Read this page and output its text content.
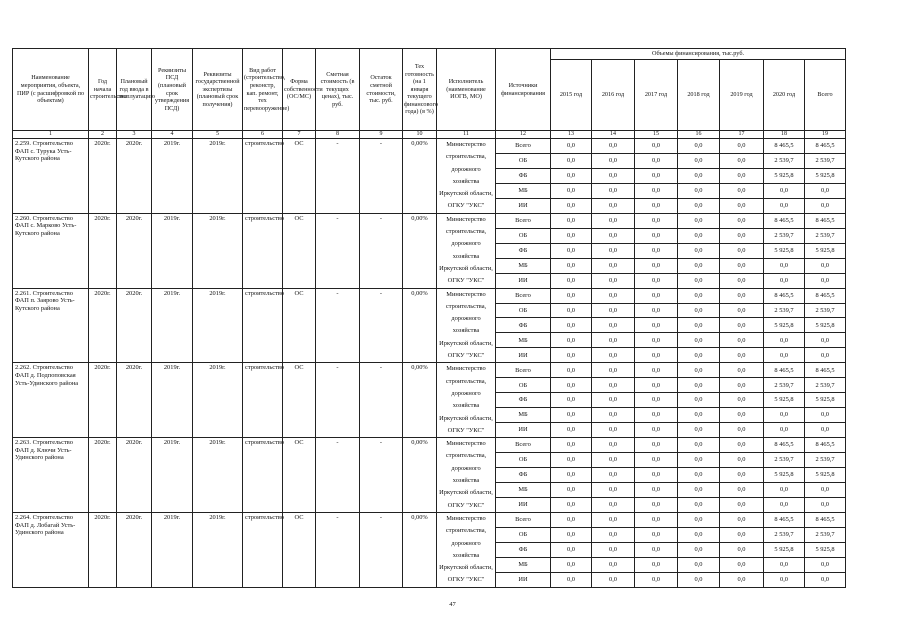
Наименование мероприятия, объекта, ПИР (с расшифровкой по объектам)	Год начала строительства	Плановый год ввода в эксплуатацию	Реквизиты ПСД (плановый срок утверждения ПСД)	Реквизиты государственной экспертизы (плановый срок получения)	Вид работ (строительство, реконстр, кап. ремонт, тех перевооружение)	Форма собственности (ОС/МС)	Сметная стоимость (в текущих ценах), тыс. руб.	Остаток сметной стоимости, тыс. руб.	Тех готовность (на 1 января текущего финансового года) (в %)	Исполнитель (наименование ИОГВ, МО)	Источники финансирования	Объемы финансирования, тыс.руб.						
												2015 год	2016 год	2017 год	2018 год	2019 год	2020 год	Всего
1	2	3	4	5	6	7	8	9	10	11	12	13	14	15	16	17	18	19
2.259. Строительство ФАП с. Турука Усть-Кутского района	2020г.	2020г.	2019г.	2019г.	строительство	ОС	-	-	0,00%	Министерство строительства, дорожного хозяйства Иркутской области, ОГКУ "УКС"	Всего	0,0	0,0	0,0	0,0	0,0	8 465,5	8 465,5
											ОБ	0,0	0,0	0,0	0,0	0,0	2 539,7	2 539,7
											ФБ	0,0	0,0	0,0	0,0	0,0	5 925,8	5 925,8
											МБ	0,0	0,0	0,0	0,0	0,0	0,0	0,0
											ИИ	0,0	0,0	0,0	0,0	0,0	0,0	0,0
2.260. Строительство ФАП с. Марково Усть-Кутского района	2020г.	2020г.	2019г.	2019г.	строительство	ОС	-	-	0,00%	Министерство строительства, дорожного хозяйства Иркутской области, ОГКУ "УКС"	Всего	0,0	0,0	0,0	0,0	0,0	8 465,5	8 465,5
											ОБ	0,0	0,0	0,0	0,0	0,0	2 539,7	2 539,7
											ФБ	0,0	0,0	0,0	0,0	0,0	5 925,8	5 925,8
											МБ	0,0	0,0	0,0	0,0	0,0	0,0	0,0
											ИИ	0,0	0,0	0,0	0,0	0,0	0,0	0,0
2.261. Строительство ФАП п. Заярово Усть-Кутского района	2020г.	2020г.	2019г.	2019г.	строительство	ОС	-	-	0,00%	Министерство строительства, дорожного хозяйства Иркутской области, ОГКУ "УКС"	Всего	0,0	0,0	0,0	0,0	0,0	8 465,5	8 465,5
											ОБ	0,0	0,0	0,0	0,0	0,0	2 539,7	2 539,7
											ФБ	0,0	0,0	0,0	0,0	0,0	5 925,8	5 925,8
											МБ	0,0	0,0	0,0	0,0	0,0	0,0	0,0
											ИИ	0,0	0,0	0,0	0,0	0,0	0,0	0,0
2.262. Строительство ФАП д. Подпоповская Усть-Удинского района	2020г.	2020г.	2019г.	2019г.	строительство	ОС	-	-	0,00%	Министерство строительства, дорожного хозяйства Иркутской области, ОГКУ "УКС"	Всего	0,0	0,0	0,0	0,0	0,0	8 465,5	8 465,5
											ОБ	0,0	0,0	0,0	0,0	0,0	2 539,7	2 539,7
											ФБ	0,0	0,0	0,0	0,0	0,0	5 925,8	5 925,8
											МБ	0,0	0,0	0,0	0,0	0,0	0,0	0,0
											ИИ	0,0	0,0	0,0	0,0	0,0	0,0	0,0
2.263. Строительство ФАП д. Ключи Усть-Удинского района	2020г.	2020г.	2019г.	2019г.	строительство	ОС	-	-	0,00%	Министерство строительства, дорожного хозяйства Иркутской области, ОГКУ "УКС"	Всего	0,0	0,0	0,0	0,0	0,0	8 465,5	8 465,5
											ОБ	0,0	0,0	0,0	0,0	0,0	2 539,7	2 539,7
											ФБ	0,0	0,0	0,0	0,0	0,0	5 925,8	5 925,8
											МБ	0,0	0,0	0,0	0,0	0,0	0,0	0,0
											ИИ	0,0	0,0	0,0	0,0	0,0	0,0	0,0
2.264. Строительство ФАП д. Лобагай Усть-Удинского района	2020г.	2020г.	2019г.	2019г.	строительство	ОС	-	-	0,00%	Министерство строительства, дорожного хозяйства Иркутской области, ОГКУ "УКС"	Всего	0,0	0,0	0,0	0,0	0,0	8 465,5	8 465,5
											ОБ	0,0	0,0	0,0	0,0	0,0	2 539,7	2 539,7
											ФБ	0,0	0,0	0,0	0,0	0,0	5 925,8	5 925,8
											МБ	0,0	0,0	0,0	0,0	0,0	0,0	0,0
											ИИ	0,0	0,0	0,0	0,0	0,0	0,0	0,0
47
